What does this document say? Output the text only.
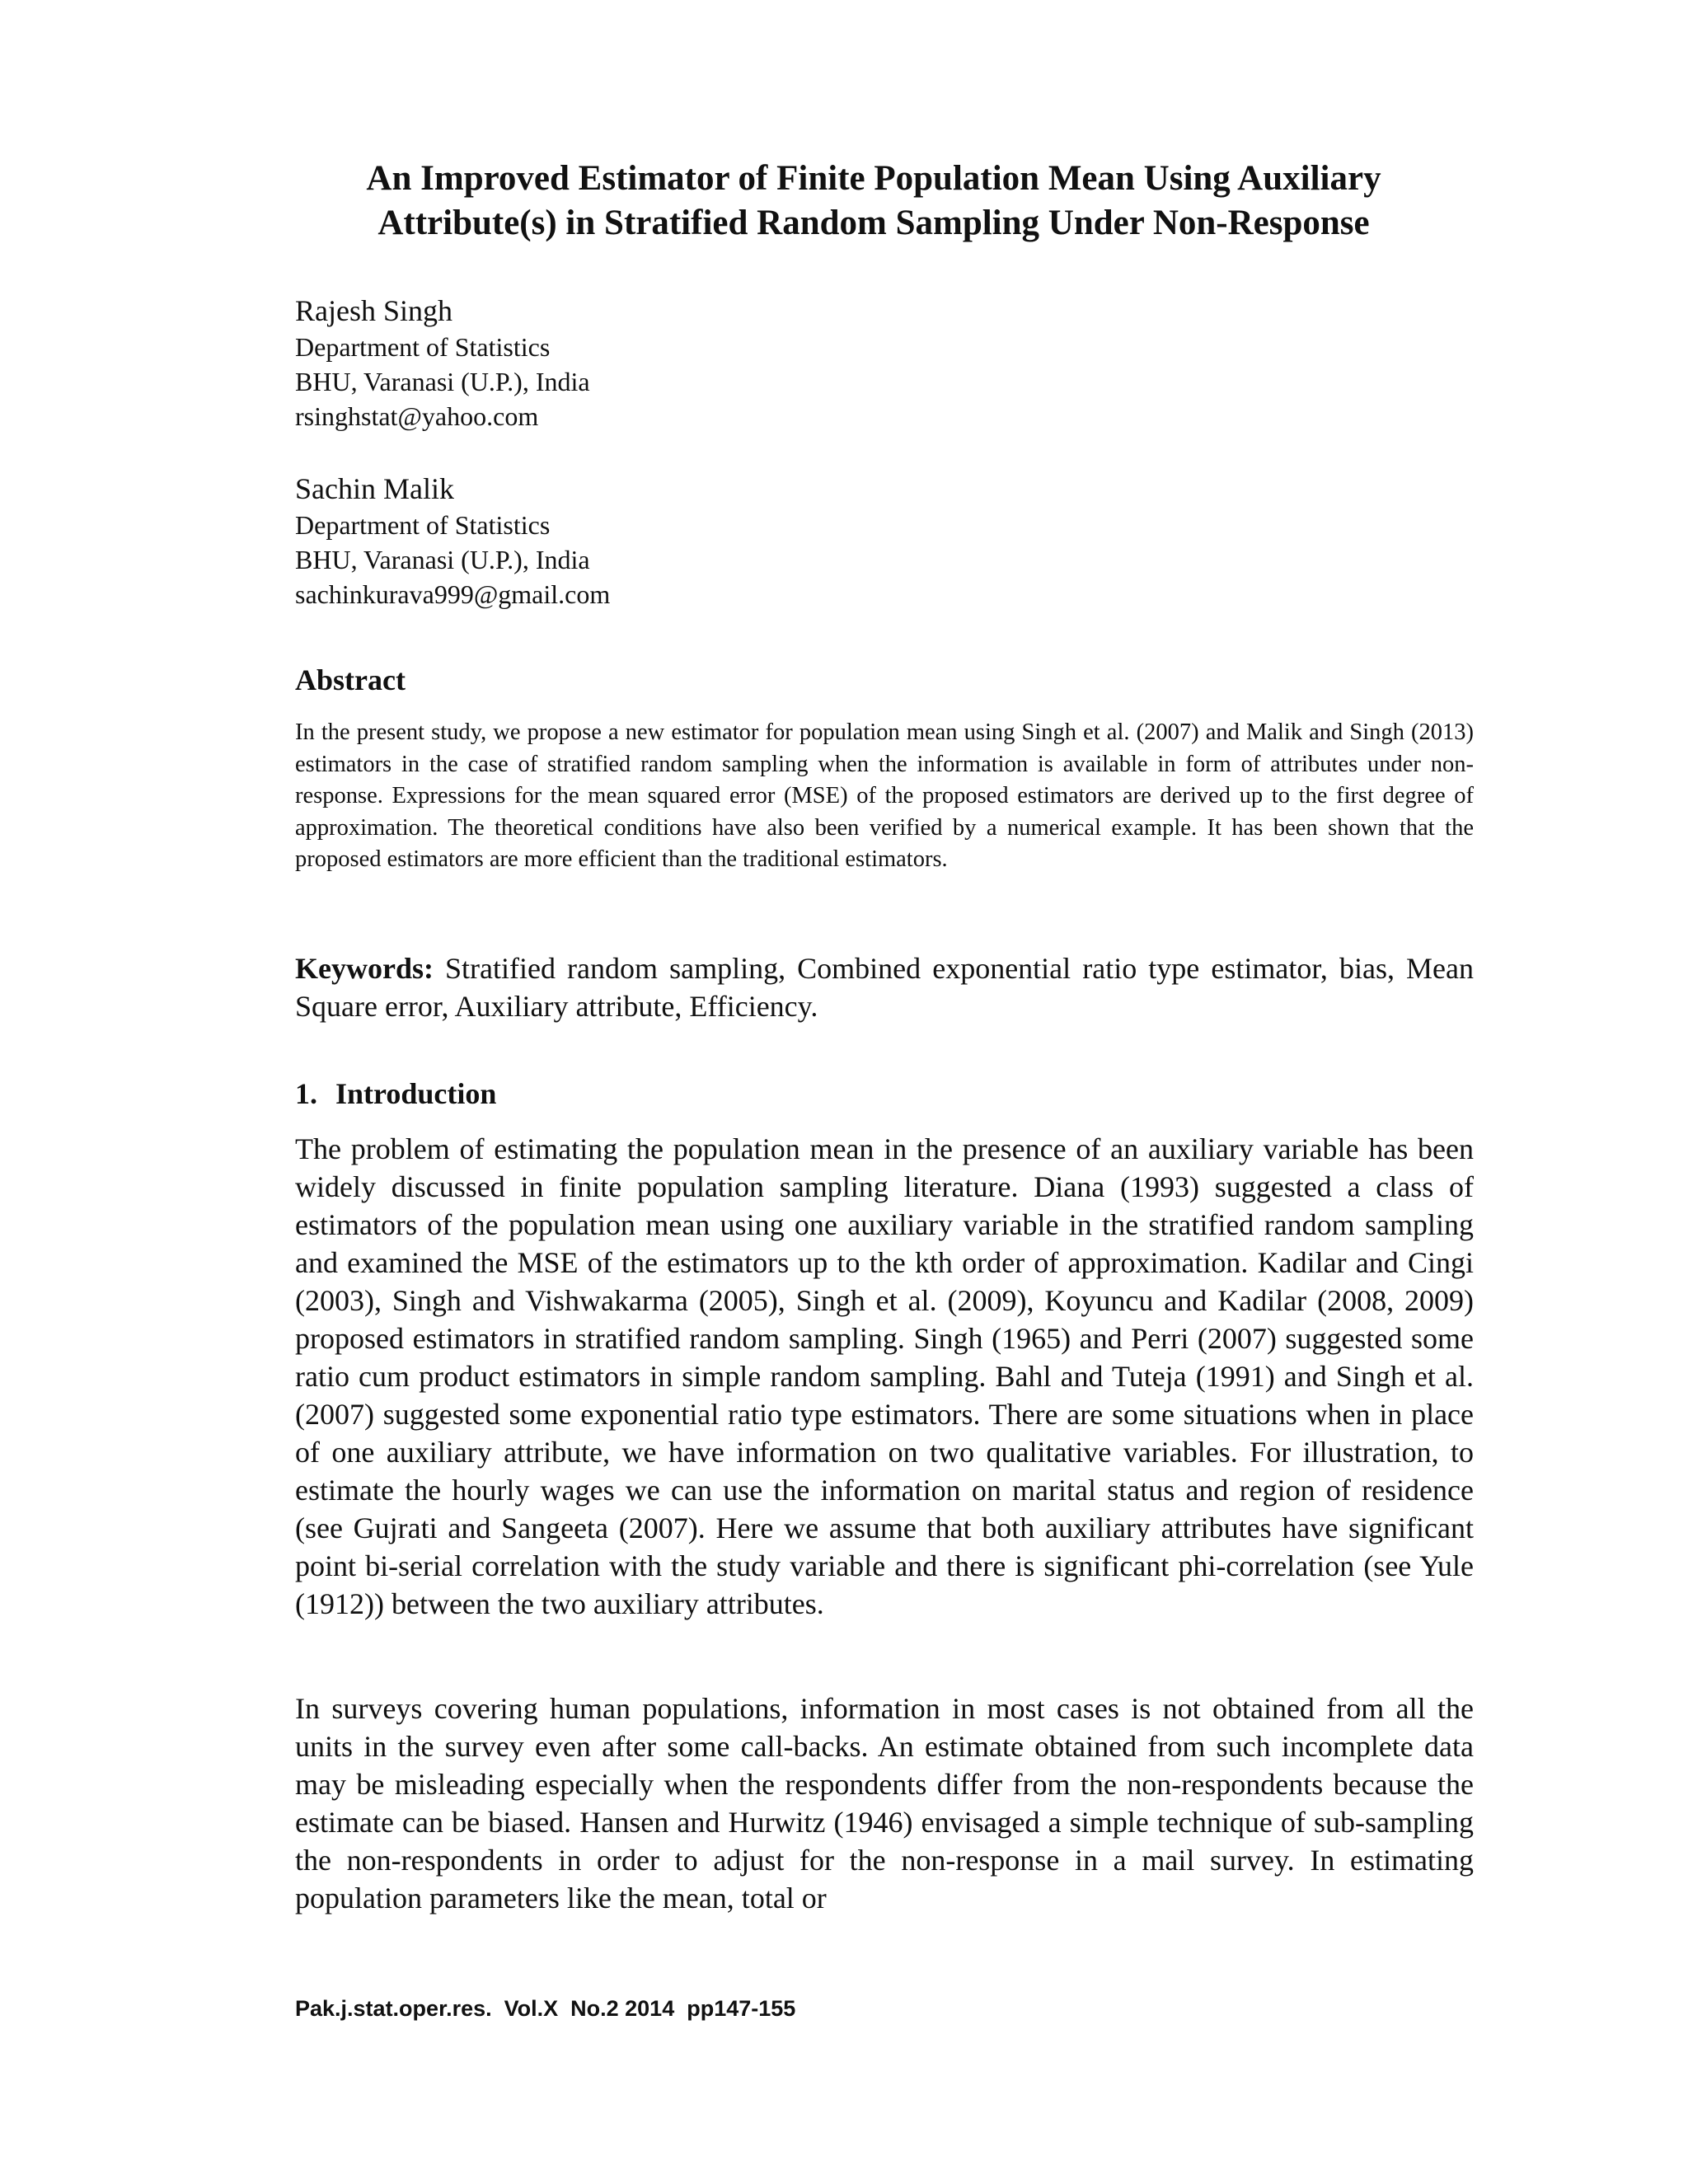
An Improved Estimator of Finite Population Mean Using Auxiliary
Attribute(s) in Stratified Random Sampling Under Non-Response
Rajesh Singh
Department of Statistics
BHU, Varanasi (U.P.), India
rsinghstat@yahoo.com
Sachin Malik
Department of Statistics
BHU, Varanasi (U.P.), India
sachinkurava999@gmail.com
Abstract
In the present study, we propose a new estimator for population mean using Singh et al. (2007) and Malik and Singh (2013) estimators in the case of stratified random sampling when the information is available in form of attributes under non-response. Expressions for the mean squared error (MSE) of the proposed estimators are derived up to the first degree of approximation. The theoretical conditions have also been verified by a numerical example. It has been shown that the proposed estimators are more efficient than the traditional estimators.
Keywords: Stratified random sampling, Combined exponential ratio type estimator, bias, Mean Square error, Auxiliary attribute, Efficiency.
1. Introduction
The problem of estimating the population mean in the presence of an auxiliary variable has been widely discussed in finite population sampling literature. Diana (1993) suggested a class of estimators of the population mean using one auxiliary variable in the stratified random sampling and examined the MSE of the estimators up to the kth order of approximation. Kadilar and Cingi (2003), Singh and Vishwakarma (2005), Singh et al. (2009), Koyuncu and Kadilar (2008, 2009) proposed estimators in stratified random sampling. Singh (1965) and Perri (2007) suggested some ratio cum product estimators in simple random sampling. Bahl and Tuteja (1991) and Singh et al. (2007) suggested some exponential ratio type estimators. There are some situations when in place of one auxiliary attribute, we have information on two qualitative variables. For illustration, to estimate the hourly wages we can use the information on marital status and region of residence (see Gujrati and Sangeeta (2007). Here we assume that both auxiliary attributes have significant point bi-serial correlation with the study variable and there is significant phi-correlation (see Yule (1912)) between the two auxiliary attributes.
In surveys covering human populations, information in most cases is not obtained from all the units in the survey even after some call-backs. An estimate obtained from such incomplete data may be misleading especially when the respondents differ from the non-respondents because the estimate can be biased. Hansen and Hurwitz (1946) envisaged a simple technique of sub-sampling the non-respondents in order to adjust for the non-response in a mail survey. In estimating population parameters like the mean, total or
Pak.j.stat.oper.res.  Vol.X  No.2 2014  pp147-155
